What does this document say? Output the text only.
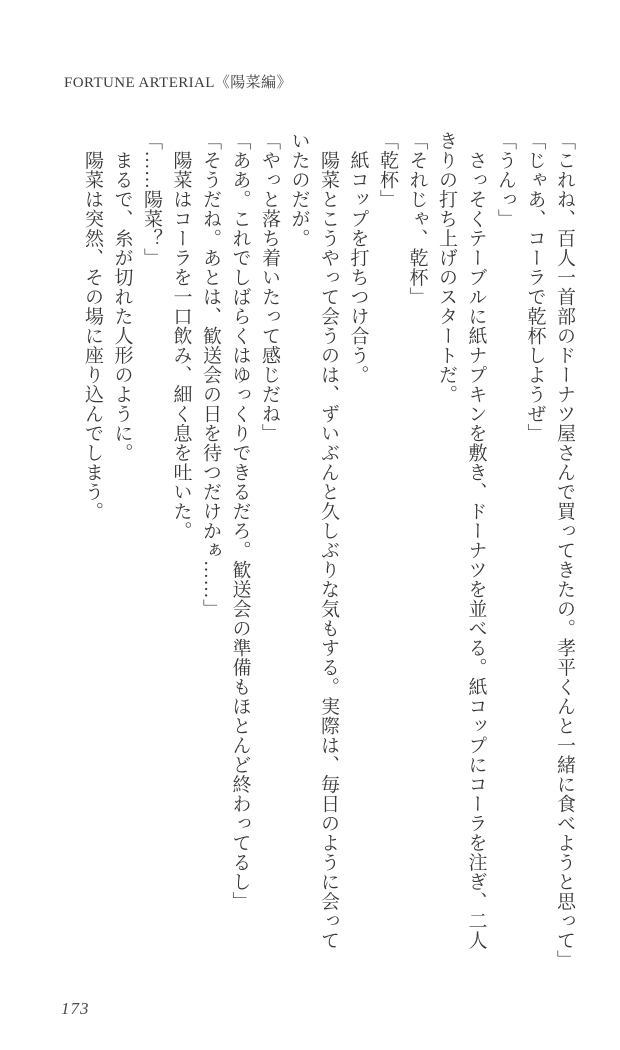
FORTUNE ARTERIAL《陽菜編》
「これね、百人一首部のドーナツ屋さんで買ってきたの。孝平くんと一緒に食べようと思って」
「じゃあ、コーラで乾杯しようぜ」
「うんっ」
　さっそくテーブルに紙ナプキンを敷き、ドーナツを並べる。紙コップにコーラを注ぎ、二人
きりの打ち上げのスタートだ。
「それじゃ、乾杯」
「乾杯」
　紙コップを打ちつけ合う。
　陽菜とこうやって会うのは、ずいぶんと久しぶりな気もする。実際は、毎日のように会って
いたのだが。
「やっと落ち着いたって感じだね」
「ああ。これでしばらくはゆっくりできるだろ。歓送会の準備もほとんど終わってるし」
「そうだね。あとは、歓送会の日を待つだけかぁ……」
　陽菜はコーラを一口飲み、細く息を吐いた。
「……陽菜？」
　まるで、糸が切れた人形のように。
　陽菜は突然、その場に座り込んでしまう。
173
